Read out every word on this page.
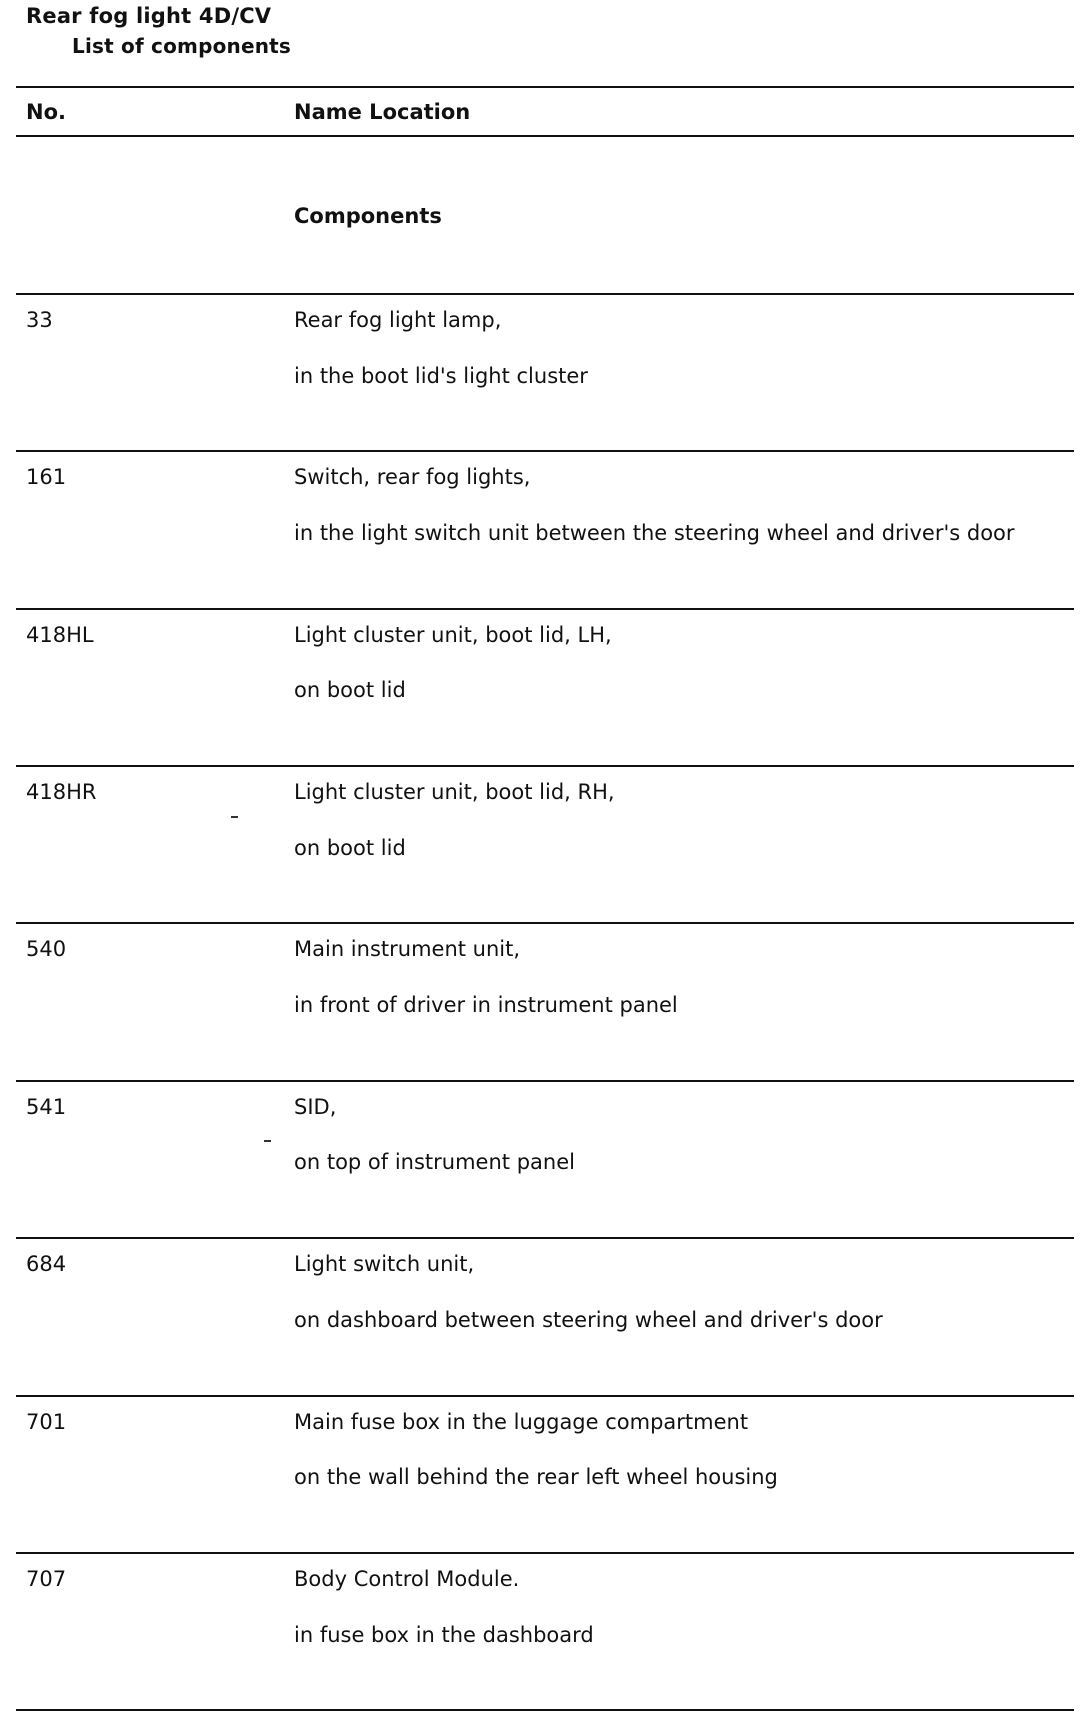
Rear fog light 4D/CV
List of components
No.	Name Location
Components
33	Rear fog light lamp,
in the boot lid's light cluster
161	Switch, rear fog lights,
in the light switch unit between the steering wheel and driver's door
418HL	Light cluster unit, boot lid, LH,
on boot lid
418HR	Light cluster unit, boot lid, RH,
on boot lid
540	Main instrument unit,
in front of driver in instrument panel
541	SID,
on top of instrument panel
684	Light switch unit,
on dashboard between steering wheel and driver's door
701	Main fuse box in the luggage compartment
on the wall behind the rear left wheel housing
707	Body Control Module.
in fuse box in the dashboard
